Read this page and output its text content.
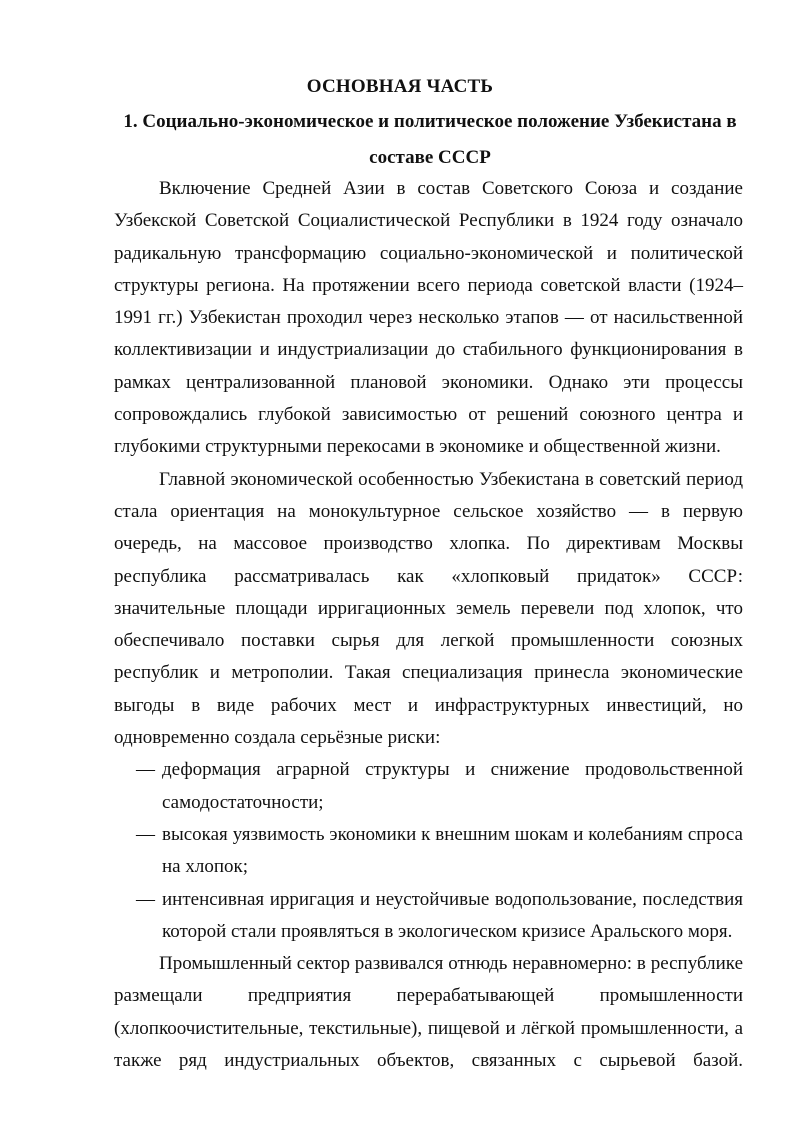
ОСНОВНАЯ ЧАСТЬ
1. Социально-экономическое и политическое положение Узбекистана в составе СССР

Включение Средней Азии в состав Советского Союза и создание Узбекской Советской Социалистической Республики в 1924 году означало радикальную трансформацию социально-экономической и политической структуры региона. На протяжении всего периода советской власти (1924–1991 гг.) Узбекистан проходил через несколько этапов — от насильственной коллективизации и индустриализации до стабильного функционирования в рамках централизованной плановой экономики. Однако эти процессы сопровождались глубокой зависимостью от решений союзного центра и глубокими структурными перекосами в экономике и общественной жизни.

Главной экономической особенностью Узбекистана в советский период стала ориентация на монокультурное сельское хозяйство — в первую очередь, на массовое производство хлопка. По директивам Москвы республика рассматривалась как «хлопковый придаток» СССР: значительные площади ирригационных земель перевели под хлопок, что обеспечивало поставки сырья для легкой промышленности союзных республик и метрополии. Такая специализация принесла экономические выгоды в виде рабочих мест и инфраструктурных инвестиций, но одновременно создала серьёзные риски:

— деформация аграрной структуры и снижение продовольственной самодостаточности;
— высокая уязвимость экономики к внешним шокам и колебаниям спроса на хлопок;
— интенсивная ирригация и неустойчивые водопользование, последствия которой стали проявляться в экологическом кризисе Аральского моря.

Промышленный сектор развивался отнюдь неравномерно: в республике размещали предприятия перерабатывающей промышленности (хлопкоочистительные, текстильные), пищевой и лёгкой промышленности, а также ряд индустриальных объектов, связанных с сырьевой базой.
